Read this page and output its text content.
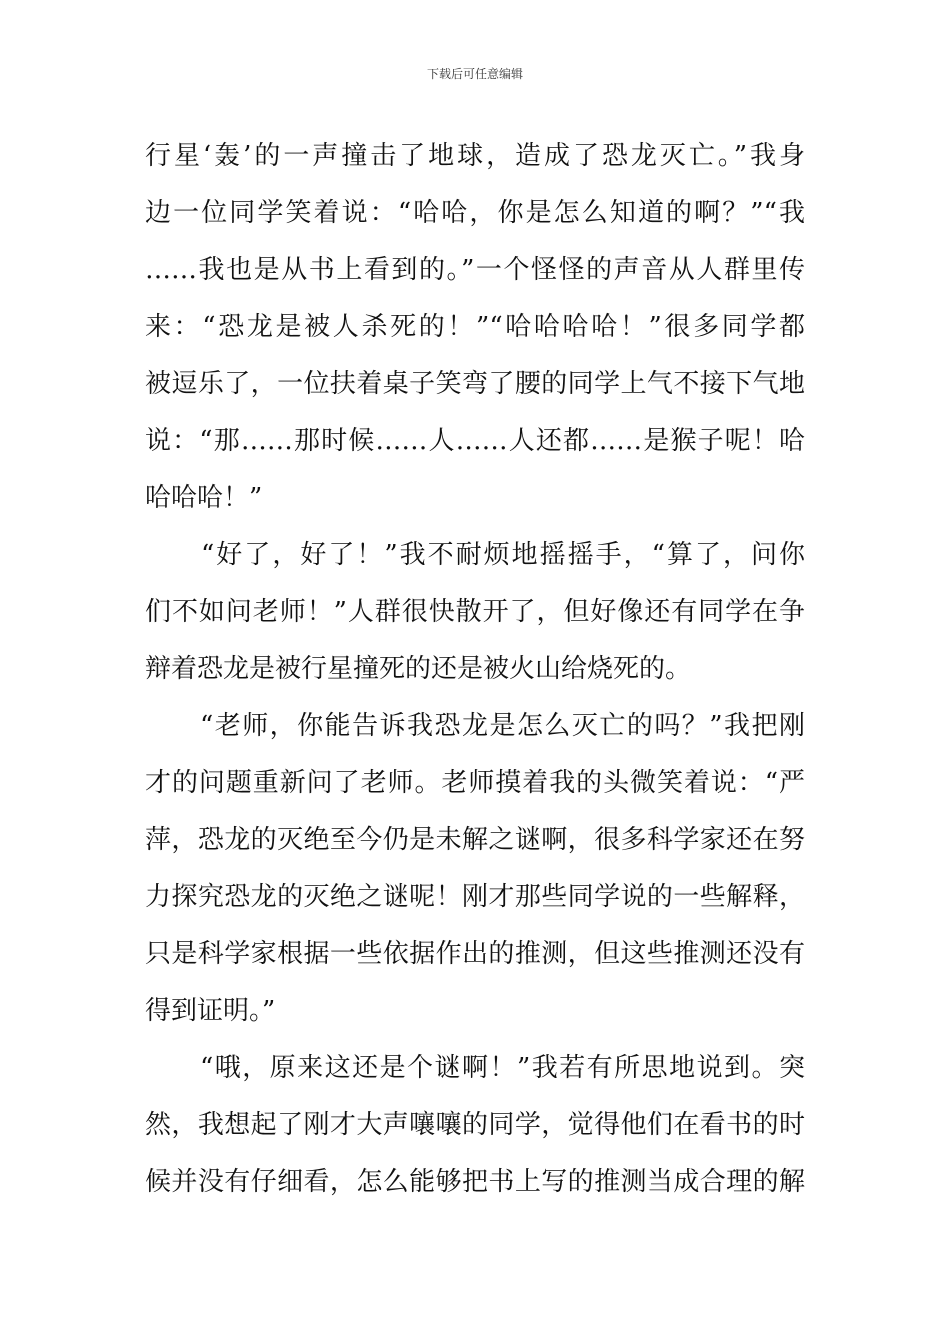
下载后可任意编辑
行星‘轰’的一声撞击了地球，造成了恐龙灭亡。”我身
边一位同学笑着说：“哈哈，你是怎么知道的啊？”“我
……我也是从书上看到的。”一个怪怪的声音从人群里传
来：“恐龙是被人杀死的！”“哈哈哈哈！”很多同学都
被逗乐了，一位扶着桌子笑弯了腰的同学上气不接下气地
说：“那……那时候……人……人还都……是猴子呢！哈
哈哈哈！”
　　“好了，好了！”我不耐烦地摇摇手，“算了，问你
们不如问老师！”人群很快散开了，但好像还有同学在争
辩着恐龙是被行星撞死的还是被火山给烧死的。
　　“老师，你能告诉我恐龙是怎么灭亡的吗？”我把刚
才的问题重新问了老师。老师摸着我的头微笑着说：“严
萍，恐龙的灭绝至今仍是未解之谜啊，很多科学家还在努
力探究恐龙的灭绝之谜呢！刚才那些同学说的一些解释，
只是科学家根据一些依据作出的推测，但这些推测还没有
得到证明。”
　　“哦，原来这还是个谜啊！”我若有所思地说到。突
然，我想起了刚才大声嚷嚷的同学，觉得他们在看书的时
候并没有仔细看，怎么能够把书上写的推测当成合理的解
